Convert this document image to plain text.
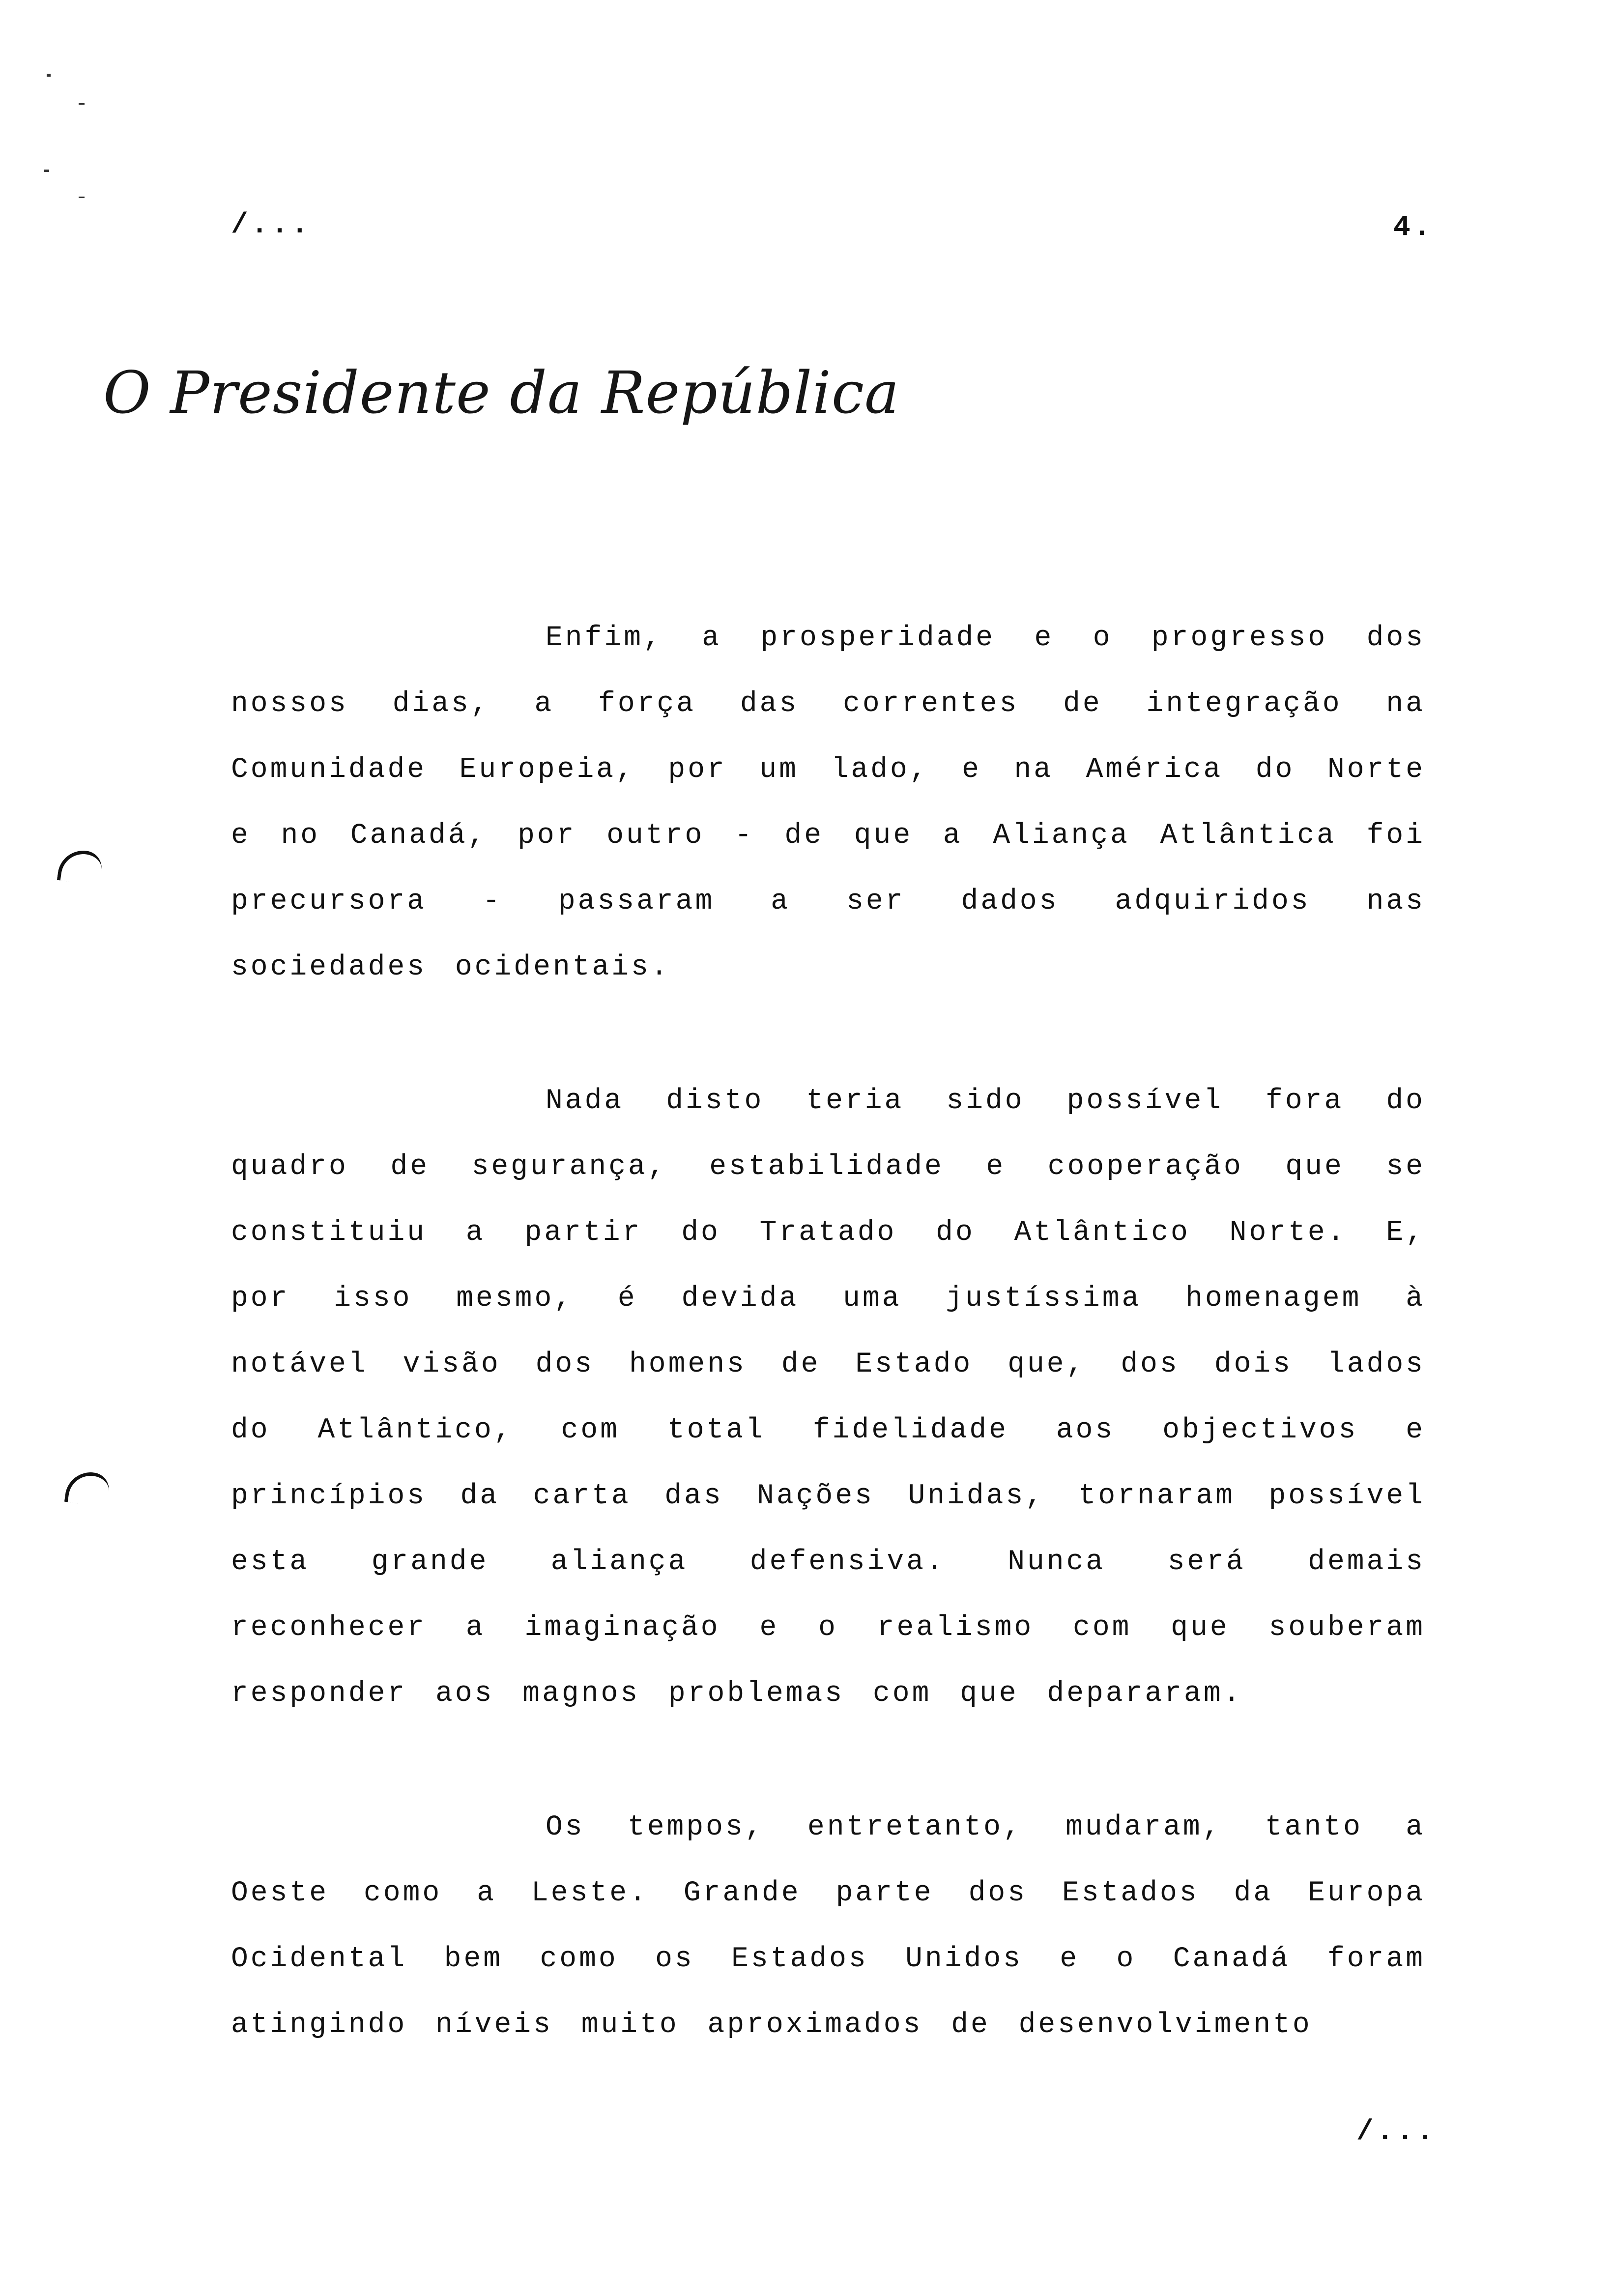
/...	4.
O Presidente da República

Enfim, a prosperidade e o progresso dos nossos dias, a força das correntes de integração na Comunidade Europeia, por um lado, e na América do Norte e no Canadá, por outro - de que a Aliança Atlântica foi precursora - passaram a ser dados adquiridos nas sociedades ocidentais.

Nada disto teria sido possível fora do quadro de segurança, estabilidade e cooperação que se constituiu a partir do Tratado do Atlântico Norte. E, por isso mesmo, é devida uma justíssima homenagem à notável visão dos homens de Estado que, dos dois lados do Atlântico, com total fidelidade aos objectivos e princípios da carta das Nações Unidas, tornaram possível esta grande aliança defensiva. Nunca será demais reconhecer a imaginação e o realismo com que souberam responder aos magnos problemas com que depararam.

Os tempos, entretanto, mudaram, tanto a Oeste como a Leste. Grande parte dos Estados da Europa Ocidental bem como os Estados Unidos e o Canadá foram atingindo níveis muito aproximados de desenvolvimento

/...
